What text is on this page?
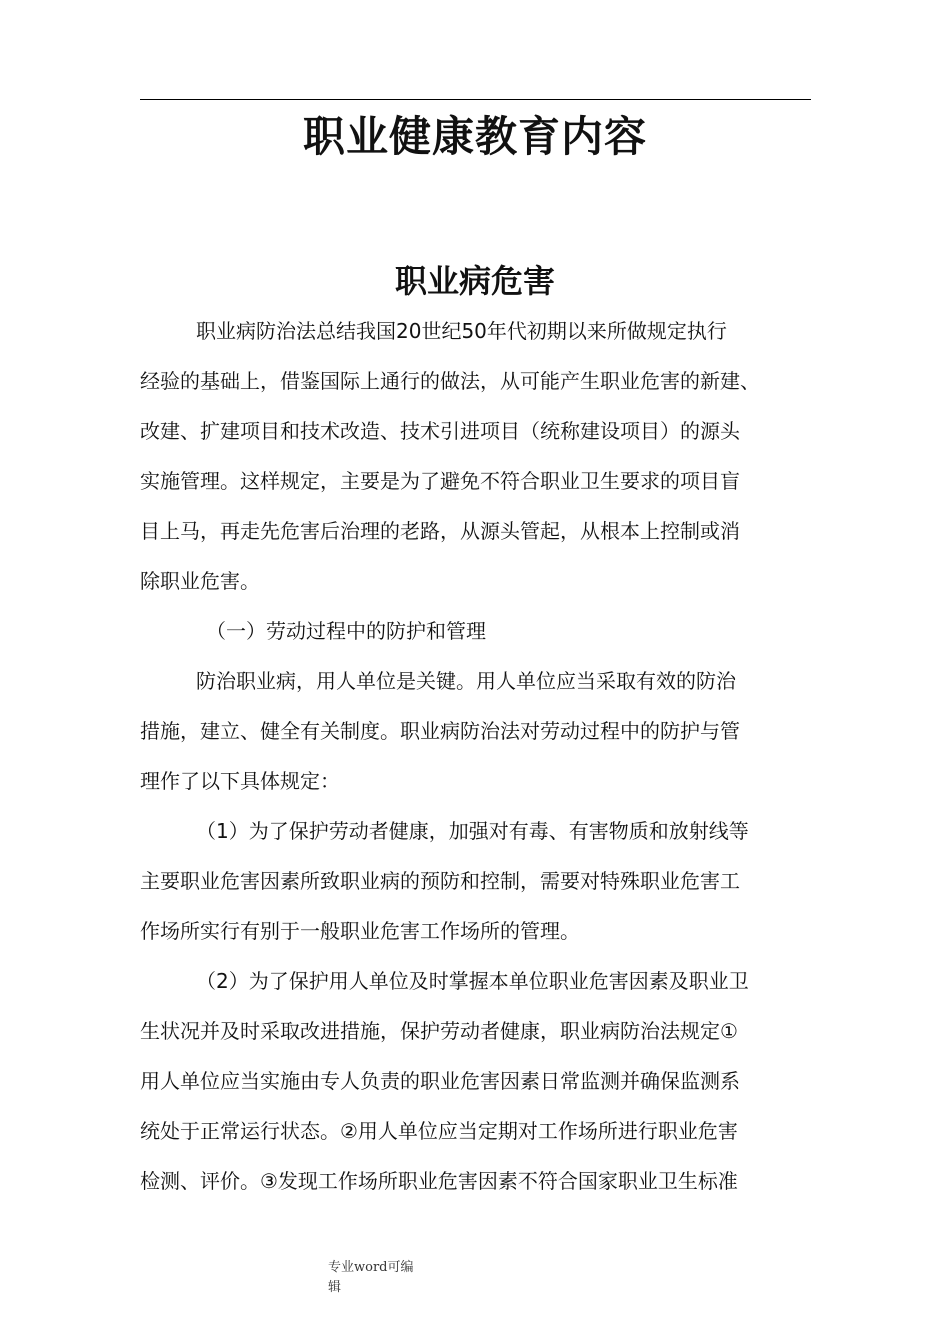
职业健康教育内容
职业病危害

职业病防治法总结我国20世纪50年代初期以来所做规定执行

经验的基础上，借鉴国际上通行的做法，从可能产生职业危害的新建、

改建、扩建项目和技术改造、技术引进项目（统称建设项目）的源头

实施管理。这样规定，主要是为了避免不符合职业卫生要求的项目盲

目上马，再走先危害后治理的老路，从源头管起，从根本上控制或消

除职业危害。

（一）劳动过程中的防护和管理

防治职业病，用人单位是关键。用人单位应当采取有效的防治

措施，建立、健全有关制度。职业病防治法对劳动过程中的防护与管

理作了以下具体规定：

（1）为了保护劳动者健康，加强对有毒、有害物质和放射线等

主要职业危害因素所致职业病的预防和控制，需要对特殊职业危害工

作场所实行有别于一般职业危害工作场所的管理。

（2）为了保护用人单位及时掌握本单位职业危害因素及职业卫

生状况并及时采取改进措施，保护劳动者健康，职业病防治法规定①

用人单位应当实施由专人负责的职业危害因素日常监测并确保监测系

统处于正常运行状态。②用人单位应当定期对工作场所进行职业危害

检测、评价。③发现工作场所职业危害因素不符合国家职业卫生标准

专业word可编
辑
